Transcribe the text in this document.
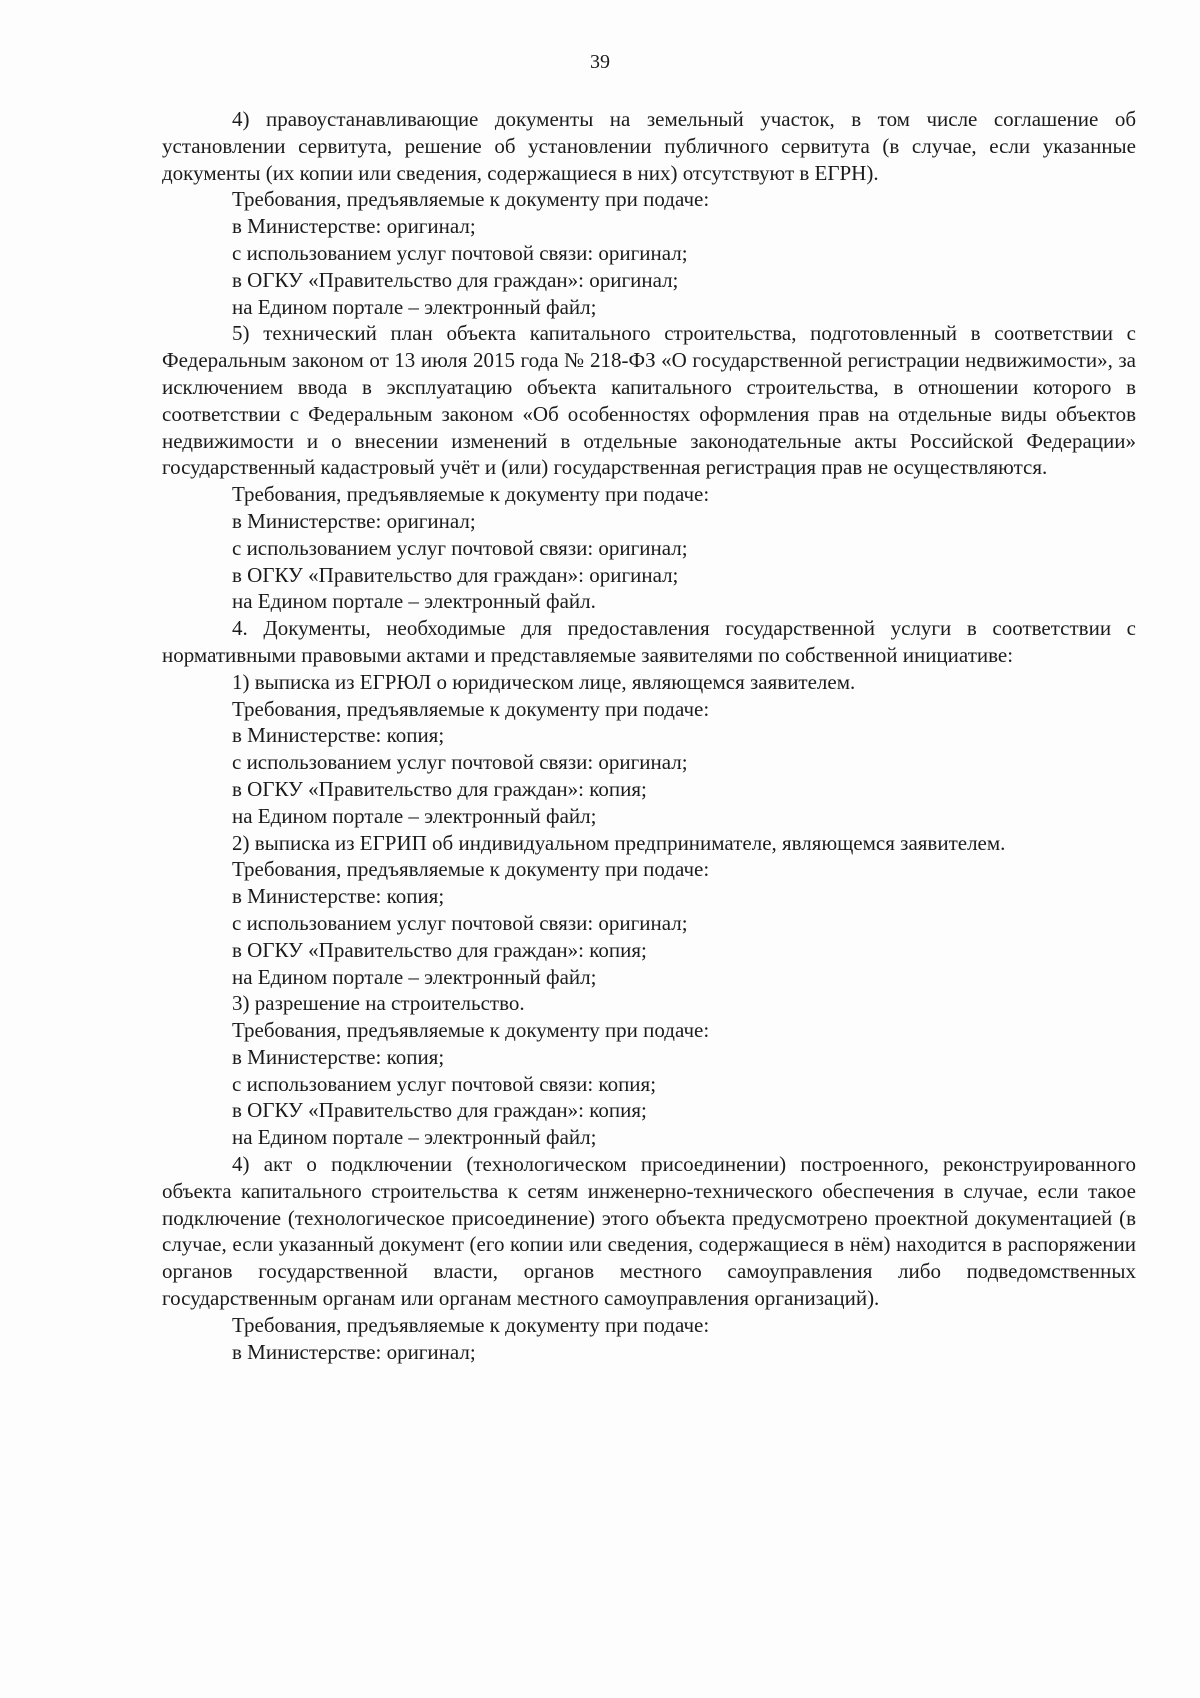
39

4) правоустанавливающие документы на земельный участок, в том числе соглашение об установлении сервитута, решение об установлении публичного сервитута (в случае, если указанные документы (их копии или сведения, содержащиеся в них) отсутствуют в ЕГРН).

Требования, предъявляемые к документу при подаче:

в Министерстве: оригинал;

с использованием услуг почтовой связи: оригинал;

в ОГКУ «Правительство для граждан»: оригинал;

на Едином портале – электронный файл;

5) технический план объекта капитального строительства, подготовленный в соответствии с Федеральным законом от 13 июля 2015 года № 218-ФЗ «О государственной регистрации недвижимости», за исключением ввода в эксплуатацию объекта капитального строительства, в отношении которого в соответствии с Федеральным законом «Об особенностях оформления прав на отдельные виды объектов недвижимости и о внесении изменений в отдельные законодательные акты Российской Федерации» государственный кадастровый учёт и (или) государственная регистрация прав не осуществляются.

Требования, предъявляемые к документу при подаче:

в Министерстве: оригинал;

с использованием услуг почтовой связи: оригинал;

в ОГКУ «Правительство для граждан»: оригинал;

на Едином портале – электронный файл.

4. Документы, необходимые для предоставления государственной услуги в соответствии с нормативными правовыми актами и представляемые заявителями по собственной инициативе:

1) выписка из ЕГРЮЛ о юридическом лице, являющемся заявителем.

Требования, предъявляемые к документу при подаче:

в Министерстве: копия;

с использованием услуг почтовой связи: оригинал;

в ОГКУ «Правительство для граждан»: копия;

на Едином портале – электронный файл;

2) выписка из ЕГРИП об индивидуальном предпринимателе, являющемся заявителем.

Требования, предъявляемые к документу при подаче:

в Министерстве: копия;

с использованием услуг почтовой связи: оригинал;

в ОГКУ «Правительство для граждан»: копия;

на Едином портале – электронный файл;

3) разрешение на строительство.

Требования, предъявляемые к документу при подаче:

в Министерстве: копия;

с использованием услуг почтовой связи: копия;

в ОГКУ «Правительство для граждан»: копия;

на Едином портале – электронный файл;

4) акт о подключении (технологическом присоединении) построенного, реконструированного объекта капитального строительства к сетям инженерно-технического обеспечения в случае, если такое подключение (технологическое присоединение) этого объекта предусмотрено проектной документацией (в случае, если указанный документ (его копии или сведения, содержащиеся в нём) находится в распоряжении органов государственной власти, органов местного самоуправления либо подведомственных государственным органам или органам местного самоуправления организаций).

Требования, предъявляемые к документу при подаче:

в Министерстве: оригинал;
